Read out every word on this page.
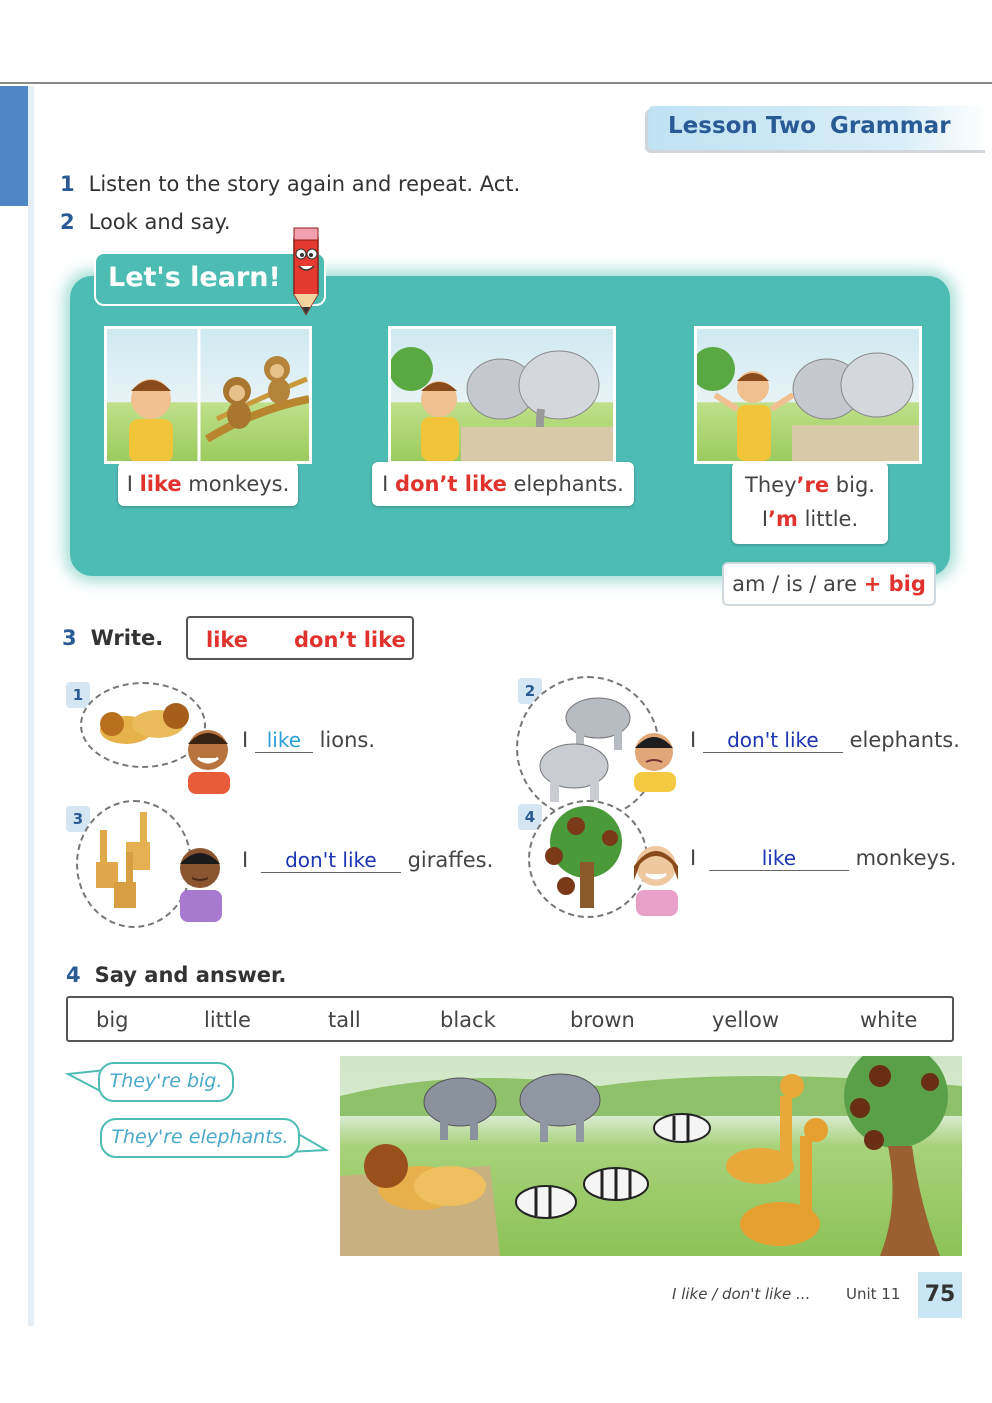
Lesson Two Grammar
1 Listen to the story again and repeat. Act.
2 Look and say.
Let's learn!
I like monkeys.	I don’t like elephants.	They’re big.
I’m little.
am / is / are + big
3 Write. like don’t like
1
I like lions.
2
I don't like elephants.
3
I don't like giraffes.
4
I	like	monkeys.
4 Say and answer.
big	little	tall	black	brown	yellow	white
They're big.
They're elephants.
I like / don't like ... Unit 11	75
